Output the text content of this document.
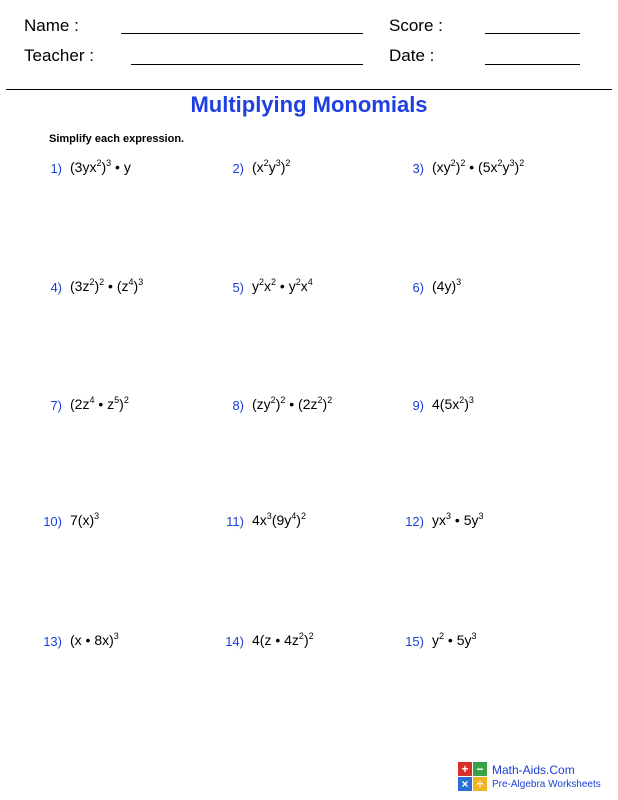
Name :	Score :
Teacher :	Date :
Multiplying Monomials
Simplify each expression.
1) $(3yx^2)^3$ • y	2) $(x^2y^3)^2$	3) $(xy^2)^2$ • $(5x^2y^3)^2$
4) $(3z^2)^2$ • $(z^4)^3$	5) $y^2x^2$ • $y^2x^4$	6) $(4y)^3$
7) ($2z^4$ • $z^5)^2$	8) $(zy^2)^2$ • $(2z^2)^2$	9) $4(5x^2)^3$
10) $7(x)^3$	11) $4x^3(9y^4)^2$	12) $yx^3$ • $5y^3$
13) (x • 8x)$^3$	14) 4(z • $4z^2)^2$	15) $y^2$ • $5y^3$
+ −
× ÷
Math-Aids.Com
Pre-Algebra Worksheets
